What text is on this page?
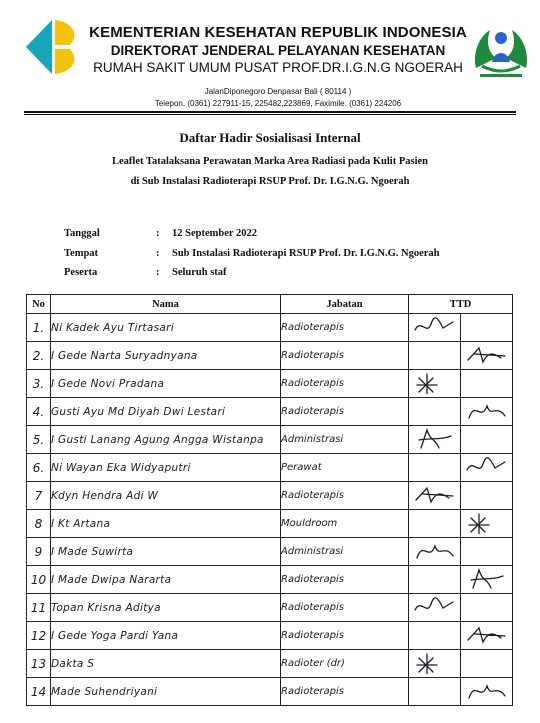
KEMENTERIAN KESEHATAN REPUBLIK INDONESIA
DIREKTORAT JENDERAL PELAYANAN KESEHATAN
RUMAH SAKIT UMUM PUSAT PROF.DR.I.G.N.G NGOERAH
JalanDiponegoro Denpasar Bali ( 80114 )
Telepon. (0361) 227911-15, 225482,223869, Faximile. (0361) 224206
Daftar Hadir Sosialisasi Internal
Leaflet Tatalaksana Perawatan Marka Area Radiasi pada Kulit Pasien
di Sub Instalasi Radioterapi RSUP Prof. Dr. I.G.N.G. Ngoerah
Tanggal	: 12 September 2022
Tempat	: Sub Instalasi Radioterapi RSUP Prof. Dr. I.G.N.G. Ngoerah
Peserta	: Seluruh staf
No	Nama	Jabatan	TTD	
1.	Ni Kadek Ayu Tirtasari	Radioterapis	

2.	I Gede Narta Suryadnyana	Radioterapis		

3.	I Gede Novi Pradana	Radioterapis	

4.	Gusti Ayu Md Diyah Dwi Lestari	Radioterapis		

5.	I Gusti Lanang Agung Angga Wistanpa	Administrasi	

6.	Ni Wayan Eka Widyaputri	Perawat		

7	Kdyn Hendra Adi W	Radioterapis	

8	I Kt Artana	Mouldroom		

9	I Made Suwirta	Administrasi	

10	I Made Dwipa Nararta	Radioterapis		

11	Topan Krisna Aditya	Radioterapis	

12	I Gede Yoga Pardi Yana	Radioterapis		

13	Dakta S	Radioter (dr)	

14	Made Suhendriyani	Radioterapis		
